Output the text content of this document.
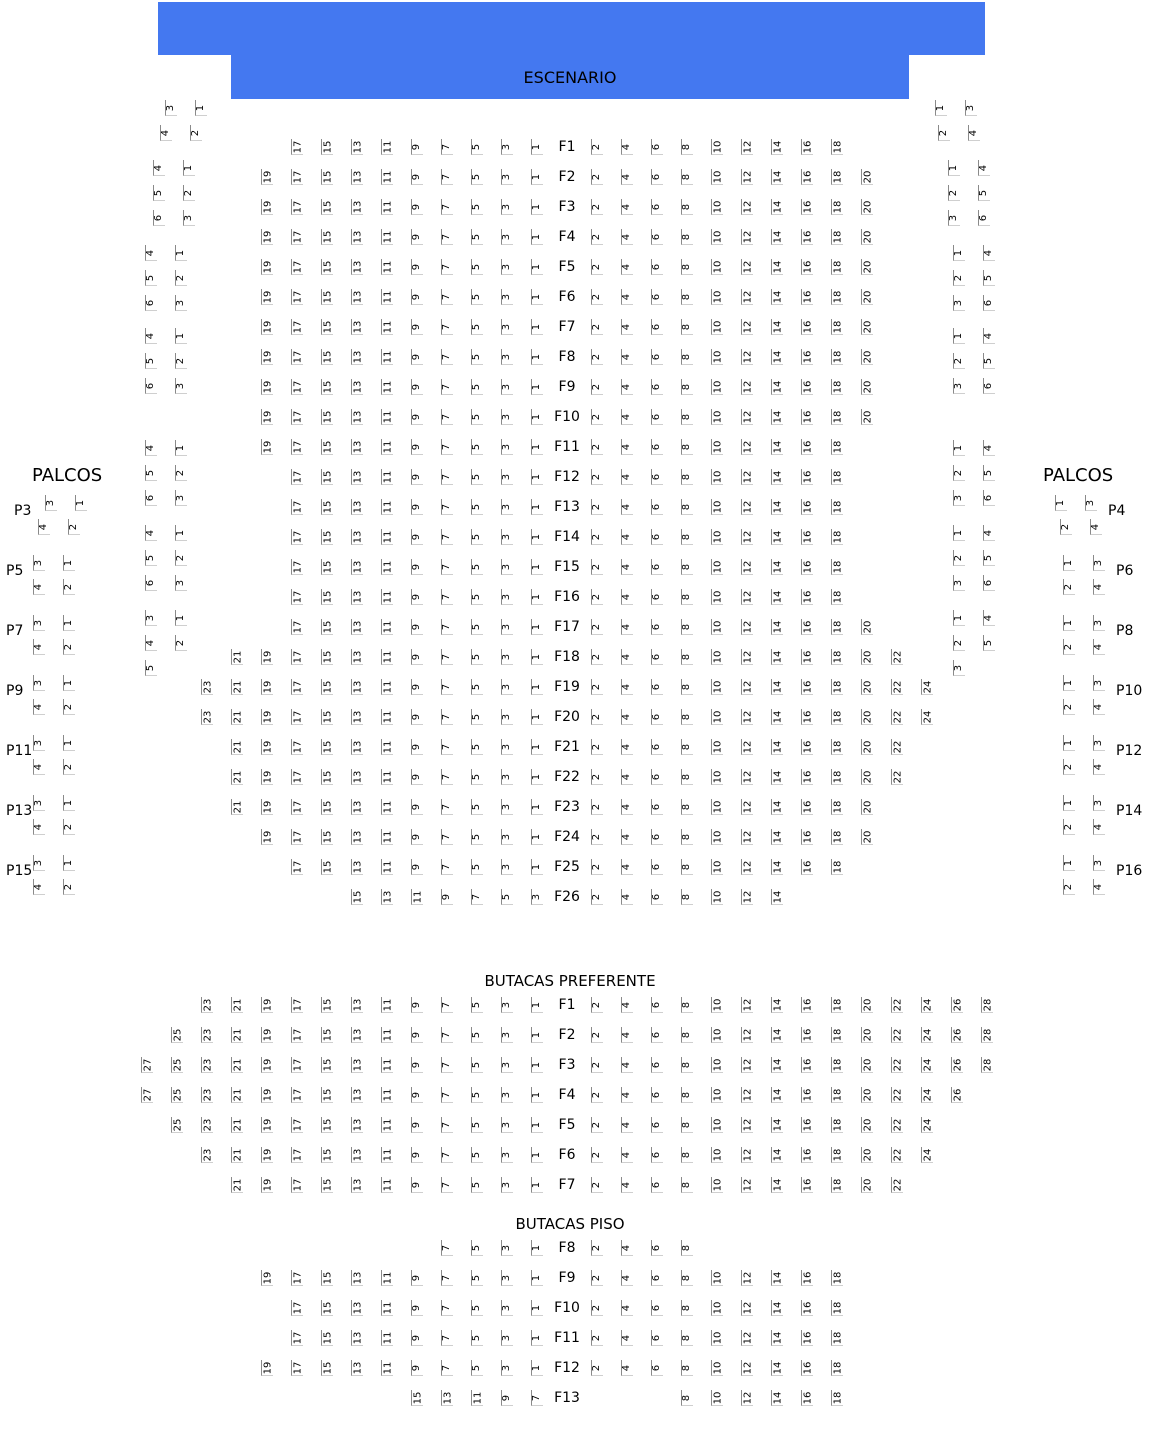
ESCENARIO
PALCOS	PALCOS
BUTACAS PREFERENTE
BUTACAS PISO
F1
17 15 13 11 9 7 5 3 1	2 4 6 8 10 12 14 16 18
F2
19 17 15 13 11 9 7 5 3 1	2 4 6 8 10 12 14 16 18 20
F3
19 17 15 13 11 9 7 5 3 1	2 4 6 8 10 12 14 16 18 20
F4
19 17 15 13 11 9 7 5 3 1	2 4 6 8 10 12 14 16 18 20
F5
19 17 15 13 11 9 7 5 3 1	2 4 6 8 10 12 14 16 18 20
F6
19 17 15 13 11 9 7 5 3 1	2 4 6 8 10 12 14 16 18 20
F7
19 17 15 13 11 9 7 5 3 1	2 4 6 8 10 12 14 16 18 20
F8
19 17 15 13 11 9 7 5 3 1	2 4 6 8 10 12 14 16 18 20
F9
19 17 15 13 11 9 7 5 3 1	2 4 6 8 10 12 14 16 18 20
F10
19 17 15 13 11 9 7 5 3 1	2 4 6 8 10 12 14 16 18 20
F11
19 17 15 13 11 9 7 5 3 1	2 4 6 8 10 12 14 16 18
F12
17 15 13 11 9 7 5 3 1	2 4 6 8 10 12 14 16 18
F13
17 15 13 11 9 7 5 3 1	2 4 6 8 10 12 14 16 18
F14
17 15 13 11 9 7 5 3 1	2 4 6 8 10 12 14 16 18
F15
17 15 13 11 9 7 5 3 1	2 4 6 8 10 12 14 16 18
F16
17 15 13 11 9 7 5 3 1	2 4 6 8 10 12 14 16 18
F17
17 15 13 11 9 7 5 3 1	2 4 6 8 10 12 14 16 18 20
F18
21 19 17 15 13 11 9 7 5 3 1	2 4 6 8 10 12 14 16 18 20 22
F19
23 21 19 17 15 13 11 9 7 5 3 1	2 4 6 8 10 12 14 16 18 20 22 24
F20
23 21 19 17 15 13 11 9 7 5 3 1	2 4 6 8 10 12 14 16 18 20 22 24
F21
21 19 17 15 13 11 9 7 5 3 1	2 4 6 8 10 12 14 16 18 20 22
F22
21 19 17 15 13 11 9 7 5 3 1	2 4 6 8 10 12 14 16 18 20 22
F23
21 19 17 15 13 11 9 7 5 3 1	2 4 6 8 10 12 14 16 18 20
F24
19 17 15 13 11 9 7 5 3 1	2 4 6 8 10 12 14 16 18 20
F25
17 15 13 11 9 7 5 3 1	2 4 6 8 10 12 14 16 18
F26
15 13 11 9 7 5 3	2 4 6 8 10 12 14
F1
23 21 19 17 15 13 11 9 7 5 3 1	2 4 6 8 10 12 14 16 18 20 22 24 26 28
F2
25 23 21 19 17 15 13 11 9 7 5 3 1	2 4 6 8 10 12 14 16 18 20 22 24 26 28
F3
27 25 23 21 19 17 15 13 11 9 7 5 3 1	2 4 6 8 10 12 14 16 18 20 22 24 26 28
F4
27 25 23 21 19 17 15 13 11 9 7 5 3 1	2 4 6 8 10 12 14 16 18 20 22 24 26
F5
25 23 21 19 17 15 13 11 9 7 5 3 1	2 4 6 8 10 12 14 16 18 20 22 24
F6
23 21 19 17 15 13 11 9 7 5 3 1	2 4 6 8 10 12 14 16 18 20 22 24
F7
21 19 17 15 13 11 9 7 5 3 1	2 4 6 8 10 12 14 16 18 20 22
F8
7 5 3 1	2 4 6 8
F9
19 17 15 13 11 9 7 5 3 1	2 4 6 8 10 12 14 16 18
F10
17 15 13 11 9 7 5 3 1	2 4 6 8 10 12 14 16 18
F11
17 15 13 11 9 7 5 3 1	2 4 6 8 10 12 14 16 18
F12
19 17 15 13 11 9 7 5 3 1	2 4 6 8 10 12 14 16 18
F13
15 13 11 9 7	8 10 12 14 16 18
3 1
4 2
4 1
5 2
6 3
4 1
5 2
6 3
4 1
5 2
6 3
4 1
5 2
6 3
4 1
5 2
6 3
3 1
4 2
5
1 3
2 4
1 4
2 5
3 6
1 4
2 5
3 6
1 4
2 5
3 6
1 4
2 5
3 6
1 4
2 5
3 6
1 4
2 5
3
P3 3 1
4 2
P5 3 1
4 2
P7 3 1
4 2
P9 3 1
4 2
P11 3 1
4 2
P13 3 1
4 2
P15 3 1
4 2
P4
1 3
2 4
P6
1 3
2 4
P8
1 3
2 4
P10
1 3
2 4
P12
1 3
2 4
P14
1 3
2 4
P16
1 3
2 4
